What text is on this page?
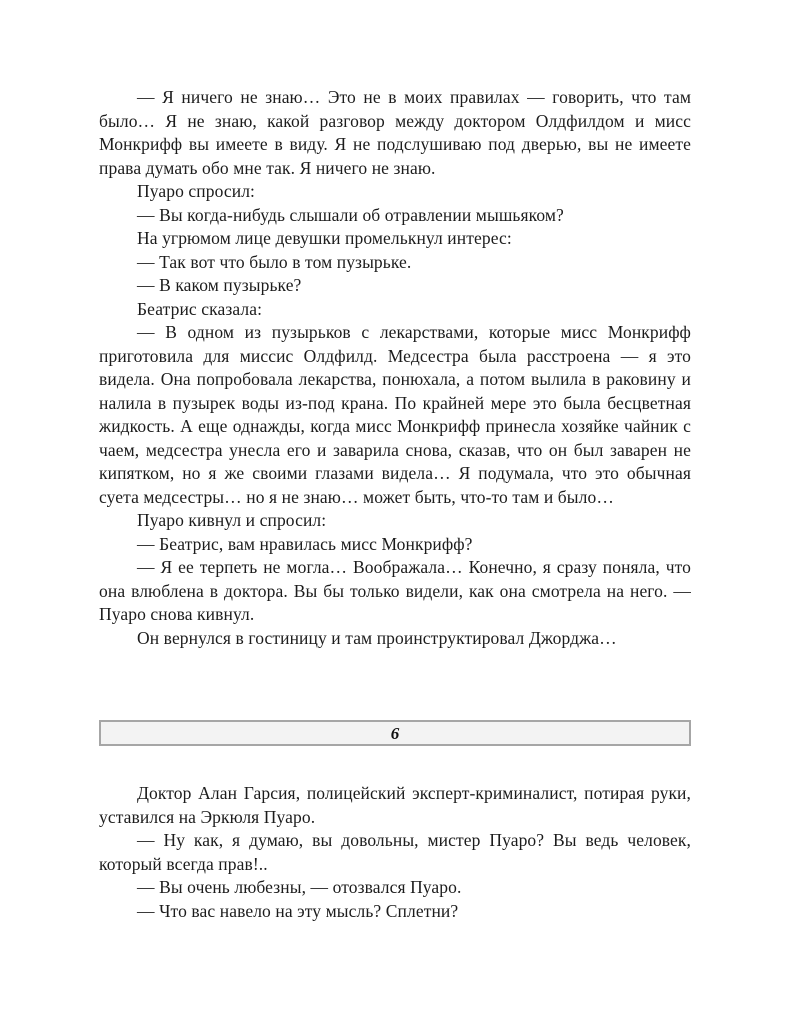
— Я ничего не знаю… Это не в моих правилах — говорить, что там было… Я не знаю, какой разговор между доктором Олдфилдом и мисс Монкрифф вы имеете в виду. Я не подслушиваю под дверью, вы не имеете права думать обо мне так. Я ничего не знаю.

Пуаро спросил:

— Вы когда-нибудь слышали об отравлении мышьяком?

На угрюмом лице девушки промелькнул интерес:

— Так вот что было в том пузырьке.

— В каком пузырьке?

Беатрис сказала:

— В одном из пузырьков с лекарствами, которые мисс Монкрифф приготовила для миссис Олдфилд. Медсестра была расстроена — я это видела. Она попробовала лекарства, понюхала, а потом вылила в раковину и налила в пузырек воды из-под крана. По крайней мере это была бесцветная жидкость. А еще однажды, когда мисс Монкрифф принесла хозяйке чайник с чаем, медсестра унесла его и заварила снова, сказав, что он был заварен не кипятком, но я же своими глазами видела… Я подумала, что это обычная суета медсестры… но я не знаю… может быть, что-то там и было…

Пуаро кивнул и спросил:

— Беатрис, вам нравилась мисс Монкрифф?

— Я ее терпеть не могла… Воображала… Конечно, я сразу поняла, что она влюблена в доктора. Вы бы только видели, как она смотрела на него. — Пуаро снова кивнул.

Он вернулся в гостиницу и там проинструктировал Джорджа…

6

Доктор Алан Гарсия, полицейский эксперт-криминалист, потирая руки, уставился на Эркюля Пуаро.

— Ну как, я думаю, вы довольны, мистер Пуаро? Вы ведь человек, который всегда прав!..

— Вы очень любезны, — отозвался Пуаро.

— Что вас навело на эту мысль? Сплетни?
